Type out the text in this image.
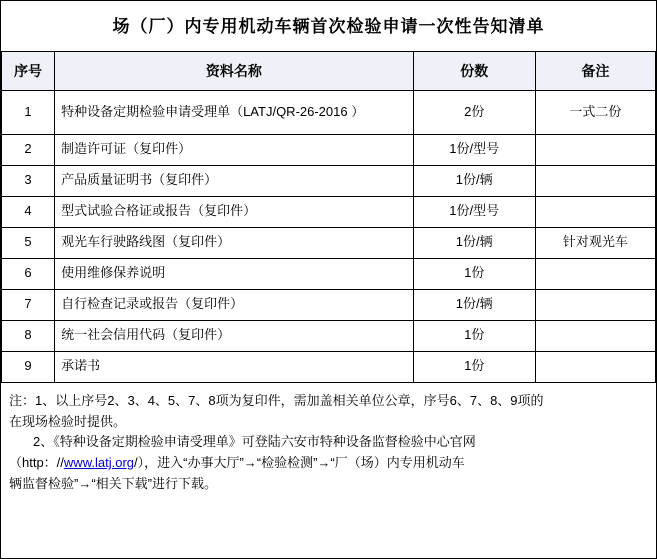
场（厂）内专用机动车辆首次检验申请一次性告知清单
序号	资料名称	份数	备注
1	特种设备定期检验申请受理单（LATJ/QR-26-2016 ）	2份	一式二份
2	制造许可证（复印件）	1份/型号	
3	产品质量证明书（复印件）	1份/辆	
4	型式试验合格证或报告（复印件）	1份/型号	
5	观光车行驶路线图（复印件）	1份/辆	针对观光车
6	使用维修保养说明	1份	
7	自行检查记录或报告（复印件）	1份/辆	
8	统一社会信用代码（复印件）	1份	
9	承诺书	1份	

注：1、以上序号2、3、4、5、7、8项为复印件，需加盖相关单位公章，序号6、7、8、9项的

在现场检验时提供。

2、《特种设备定期检验申请受理单》可登陆六安市特种设备监督检验中心官网

（http：//www.latj.org/），进入“办事大厅”→“检验检测”→“厂（场）内专用机动车

辆监督检验”→“相关下载”进行下载。
